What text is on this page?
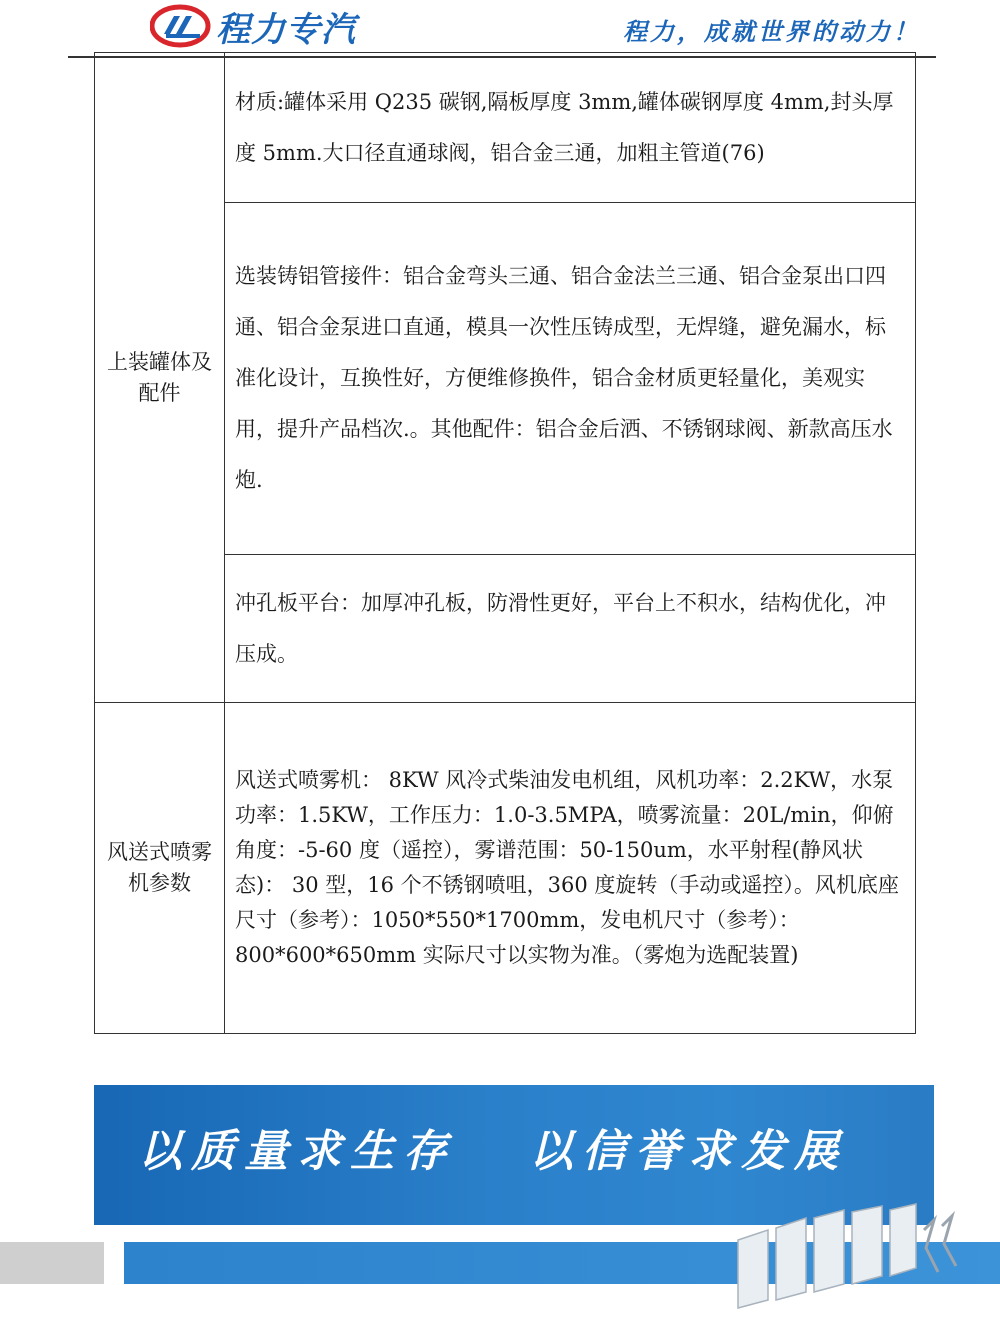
程力专汽	程力，成就世界的动力！
上装罐体及配件	材质:罐体采用 Q235 碳钢,隔板厚度 3mm,罐体碳钢厚度 4mm,封头厚度 5mm.大口径直通球阀，铝合金三通，加粗主管道(76)
	选装铸铝管接件：铝合金弯头三通、铝合金法兰三通、铝合金泵出口四通、铝合金泵进口直通，模具一次性压铸成型，无焊缝，避免漏水，标准化设计，互换性好，方便维修换件，铝合金材质更轻量化，美观实用，提升产品档次.。其他配件：铝合金后洒、不锈钢球阀、新款高压水炮.
	冲孔板平台：加厚冲孔板，防滑性更好，平台上不积水，结构优化，冲压成。
风送式喷雾机参数	风送式喷雾机： 8KW 风冷式柴油发电机组，风机功率：2.2KW，水泵功率：1.5KW，工作压力：1.0-3.5MPA，喷雾流量：20L/min，仰俯角度：-5-60 度（遥控），雾谱范围：50-150um，水平射程(静风状态)： 30 型，16 个不锈钢喷咀，360 度旋转（手动或遥控）。风机底座尺寸（参考）：1050*550*1700mm，发电机尺寸（参考）：800*600*650mm 实际尺寸以实物为准。（雾炮为选配装置)
以质量求生存   以信誉求发展
